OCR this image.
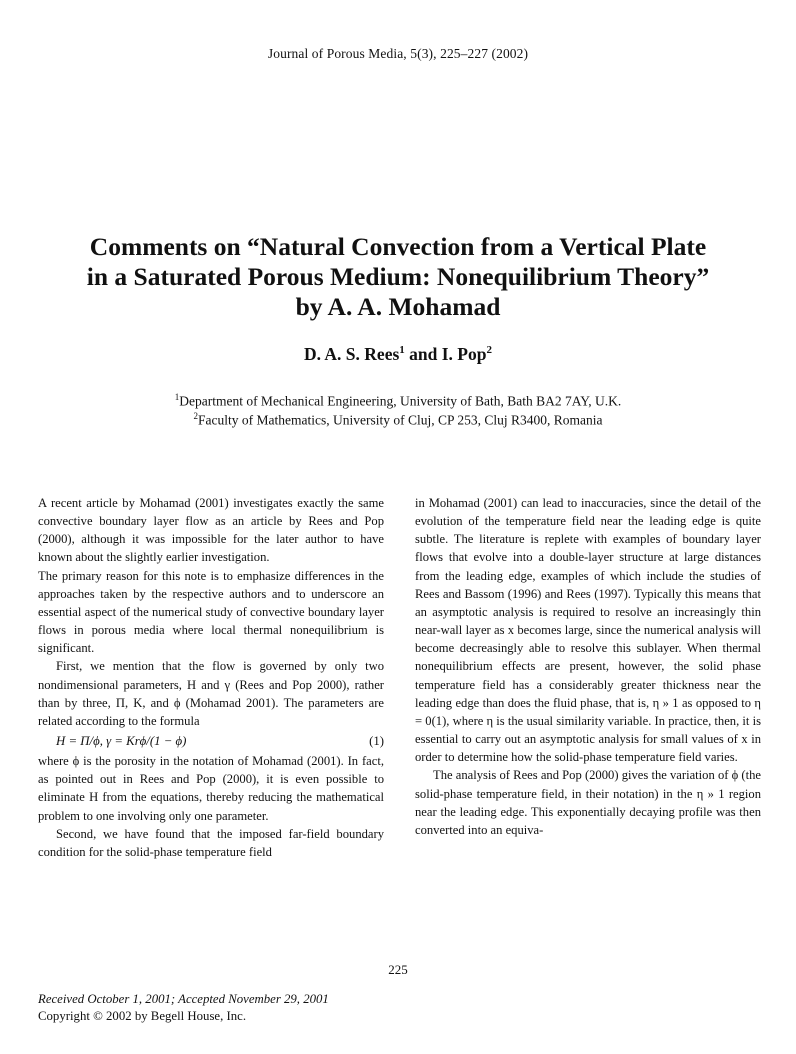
Journal of Porous Media, 5(3), 225–227 (2002)
Comments on “Natural Convection from a Vertical Plate
in a Saturated Porous Medium: Nonequilibrium Theory”
by A. A. Mohamad
D. A. S. Rees$^1$ and I. Pop$^2$
$^1$Department of Mechanical Engineering, University of Bath, Bath BA2 7AY, U.K.
$^2$Faculty of Mathematics, University of Cluj, CP 253, Cluj R3400, Romania

A recent article by Mohamad (2001) investigates exactly the same convective boundary layer flow as an article by Rees and Pop (2000), although it was impossible for the later author to have known about the slightly earlier investigation.

The primary reason for this note is to emphasize differences in the approaches taken by the respective authors and to underscore an essential aspect of the numerical study of convective boundary layer flows in porous media where local thermal nonequilibrium is significant.

First, we mention that the flow is governed by only two nondimensional parameters, H and γ (Rees and Pop 2000), rather than by three, Π, K, and ϕ (Mohamad 2001). The parameters are related according to the formula

H = Π/ϕ, γ = Krϕ/(1 − ϕ)	(1)

where ϕ is the porosity in the notation of Mohamad (2001). In fact, as pointed out in Rees and Pop (2000), it is even possible to eliminate H from the equations, thereby reducing the mathematical problem to one involving only one parameter.

Second, we have found that the imposed far-field boundary condition for the solid-phase temperature field

in Mohamad (2001) can lead to inaccuracies, since the detail of the evolution of the temperature field near the leading edge is quite subtle. The literature is replete with examples of boundary layer flows that evolve into a double-layer structure at large distances from the leading edge, examples of which include the studies of Rees and Bassom (1996) and Rees (1997). Typically this means that an asymptotic analysis is required to resolve an increasingly thin near-wall layer as x becomes large, since the numerical analysis will become decreasingly able to resolve this sublayer. When thermal nonequilibrium effects are present, however, the solid phase temperature field has a considerably greater thickness near the leading edge than does the fluid phase, that is, η » 1 as opposed to η = 0(1), where η is the usual similarity variable. In practice, then, it is essential to carry out an asymptotic analysis for small values of x in order to determine how the solid-phase temperature field varies.

The analysis of Rees and Pop (2000) gives the variation of ϕ (the solid-phase temperature field, in their notation) in the η » 1 region near the leading edge. This exponentially decaying profile was then converted into an equiva-

225
Received October 1, 2001; Accepted November 29, 2001
Copyright © 2002 by Begell House, Inc.
